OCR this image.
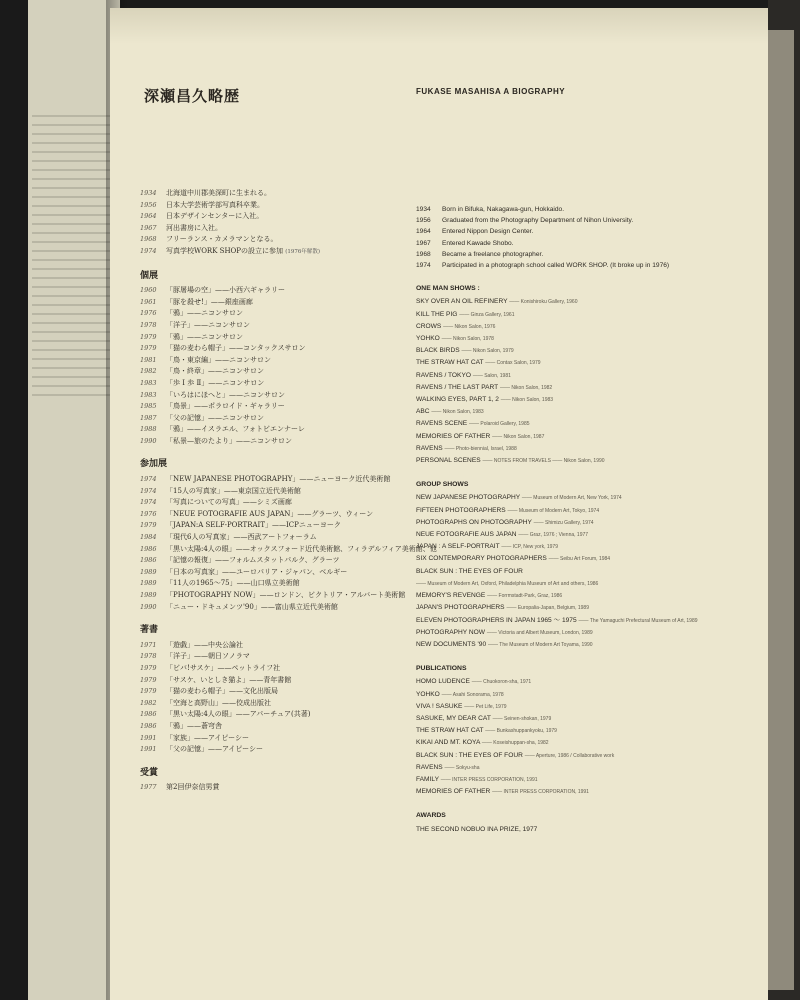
深瀬昌久略歴	FUKASE MASAHISA A BIOGRAPHY
1934 北海道中川郡美深町に生まれる。
1956 日本大学芸術学部写真科卒業。
1964 日本デザインセンターに入社。
1967 河出書房に入社。
1968 フリーランス・カメラマンとなる。
1974 写真学校WORK SHOPの設立に参加 (1976年解散)
個展
1960 「豚屠場の空」——小西六ギャラリー
1961 「豚を殺せ!」——銀座画廊
1976 「鴉」——ニコンサロン
1978 「洋子」——ニコンサロン
1979 「鴉」——ニコンサロン
1979 「猫の麦わら帽子」——コンタックスサロン
1981 「鳥・東京編」——ニコンサロン
1982 「鳥・終章」——ニコンサロン
1983 「歩 Ⅰ 歩 Ⅱ」——ニコンサロン
1983 「いろはにほへと」——ニコンサロン
1985 「鳥景」——ポラロイド・ギャラリー
1987 「父の記憶」——ニコンサロン
1988 「鴉」——イスラエル、フォトビエンナーレ
1990 「私景—旅のたより」——ニコンサロン
参加展
1974 「NEW JAPANESE PHOTOGRAPHY」——ニューヨーク近代美術館
1974 「15人の写真家」——東京国立近代美術館
1974 「写真についての写真」——シミズ画廊
1976 「NEUE FOTOGRAFIE AUS JAPAN」——グラーツ、ウィーン
1979 「JAPAN:A SELF-PORTRAIT」——ICPニューヨーク
1984 「現代6人の写真家」——西武アートフォーラム
1986 「黒い太陽:4人の眼」——オックスフォード近代美術館、フィラデルフィア美術館、他
1986 「記憶の報復」——フォルムスタットパルク、グラーツ
1989 「日本の写真家」——ユーロパリア・ジャパン、ベルギー
1989 「11人の1965〜75」——山口県立美術館
1989 「PHOTOGRAPHY NOW」——ロンドン、ビクトリア・アルバート美術館
1990 「ニュー・ドキュメンツ'90」——富山県立近代美術館
著書
1971 「遊戯」——中央公論社
1978 「洋子」——朝日ソノラマ
1979 「ビバ!サスケ」——ペットライフ社
1979 「サスケ、いとしき猫よ」——青年書館
1979 「猫の麦わら帽子」——文化出版局
1982 「空海と高野山」——佼成出版社
1986 「黒い太陽:4人の眼」——アパーチュア(共著)
1986 「鴉」——蒼穹舎
1991 「家族」——アイピーシー
1991 「父の記憶」——アイピーシー
受賞
1977 第2回伊奈信男賞
1934 Born in Bifuka, Nakagawa-gun, Hokkaido.
1956 Graduated from the Photography Department of Nihon University.
1964 Entered Nippon Design Center.
1967 Entered Kawade Shobo.
1968 Became a freelance photographer.
1974 Participated in a photograph school called WORK SHOP. (It broke up in 1976)
ONE MAN SHOWS :
SKY OVER AN OIL REFINERY —— Konishiroku Gallery, 1960
KILL THE PIG —— Ginza Gallery, 1961
CROWS —— Nikon Salon, 1976
YOHKO —— Nikon Salon, 1978
BLACK BIRDS —— Nikon Salon, 1979
THE STRAW HAT CAT —— Contax Salon, 1979
RAVENS / TOKYO —— Salon, 1981
RAVENS / THE LAST PART —— Nikon Salon, 1982
WALKING EYES, PART 1, 2 —— Nikon Salon, 1983
ABC —— Nikon Salon, 1983
RAVENS SCENE —— Polaroid Gallery, 1985
MEMORIES OF FATHER —— Nikon Salon, 1987
RAVENS —— Photo-biennial, Israel, 1988
PERSONAL SCENES —— NOTES FROM TRAVELS —— Nikon Salon, 1990
GROUP SHOWS
NEW JAPANESE PHOTOGRAPHY —— Museum of Modern Art, New York, 1974
FIFTEEN PHOTOGRAPHERS —— Museum of Modern Art, Tokyo, 1974
PHOTOGRAPHS ON PHOTOGRAPHY —— Shimizu Gallery, 1974
NEUE FOTOGRAFIE AUS JAPAN —— Graz, 1976 ; Vienna, 1977
JAPAN : A SELF-PORTRAIT —— ICP, New york, 1979
SIX CONTEMPORARY PHOTOGRAPHERS —— Seibu Art Forum, 1984
BLACK SUN : THE EYES OF FOUR
—— Museum of Modern Art, Oxford, Philadelphia Museum of Art and others, 1986
MEMORY'S REVENGE —— Forrmstadt-Park, Graz, 1986
JAPAN'S PHOTOGRAPHERS —— Europalia-Japan, Belgium, 1989
ELEVEN PHOTOGRAPHERS IN JAPAN 1965 〜 1975 —— The Yamaguchi Prefectural Museum of Art, 1989
PHOTOGRAPHY NOW —— Victoria and Albert Museum, London, 1989
NEW DOCUMENTS '90 —— The Museum of Modern Art Toyama, 1990
PUBLICATIONS
HOMO LUDENCE —— Chuokoron-sha, 1971
YOHKO —— Asahi Sonorama, 1978
VIVA ! SASUKE —— Pet Life, 1979
SASUKE, MY DEAR CAT —— Seinen-shokan, 1979
THE STRAW HAT CAT —— Bunkashuppankyoku, 1979
KIKAI AND MT. KOYA —— Koseishuppan-sha, 1982
BLACK SUN : THE EYES OF FOUR —— Aperture, 1986 / Collaborative work
RAVENS —— Sokyu-sha
FAMILY —— INTER PRESS CORPORATION, 1991
MEMORIES OF FATHER —— INTER PRESS CORPORATION, 1991
AWARDS
THE SECOND NOBUO INA PRIZE, 1977
